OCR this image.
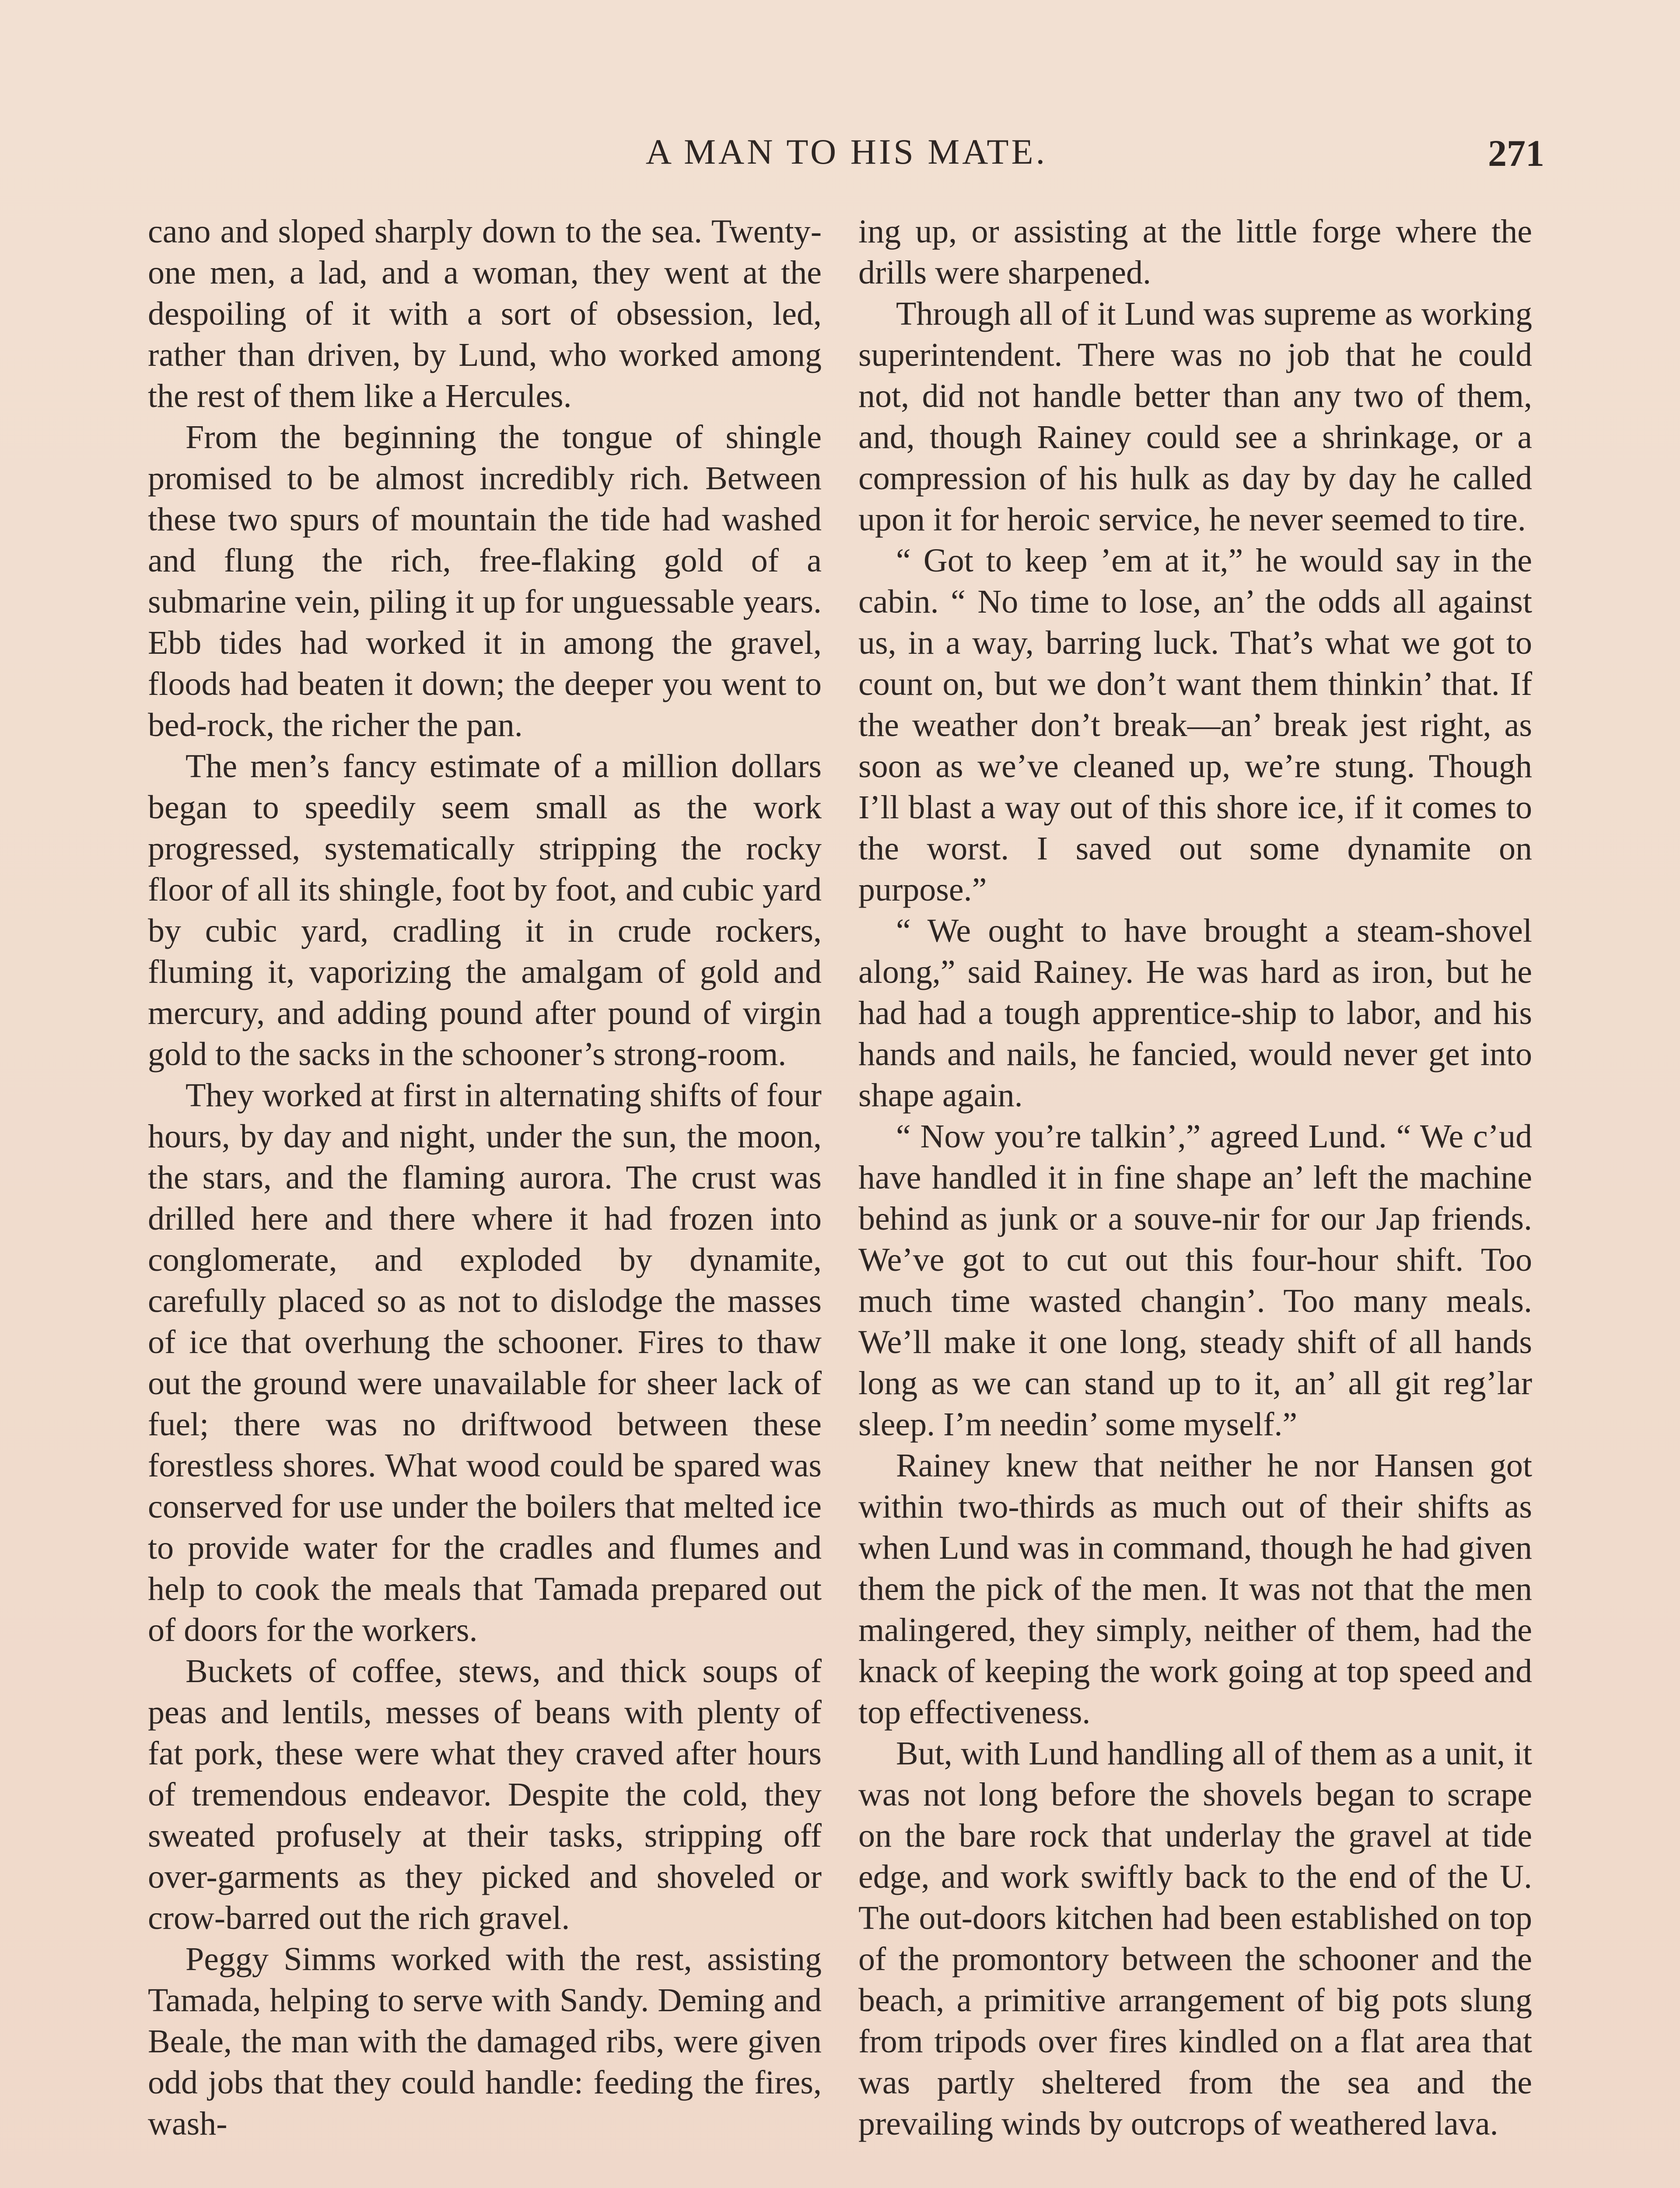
A MAN TO HIS MATE.	271

cano and sloped sharply down to the sea. Twenty-one men, a lad, and a woman, they went at the despoiling of it with a sort of obsession, led, rather than driven, by Lund, who worked among the rest of them like a Hercules.

From the beginning the tongue of shingle promised to be almost incredibly rich. Between these two spurs of mountain the tide had washed and flung the rich, free-flaking gold of a submarine vein, piling it up for unguessable years. Ebb tides had worked it in among the gravel, floods had beaten it down; the deeper you went to bed-rock, the richer the pan.

The men’s fancy estimate of a million dollars began to speedily seem small as the work progressed, systematically stripping the rocky floor of all its shingle, foot by foot, and cubic yard by cubic yard, cradling it in crude rockers, fluming it, vaporizing the amalgam of gold and mercury, and adding pound after pound of virgin gold to the sacks in the schooner’s strong-room.

They worked at first in alternating shifts of four hours, by day and night, under the sun, the moon, the stars, and the flaming aurora. The crust was drilled here and there where it had frozen into conglomerate, and exploded by dynamite, carefully placed so as not to dislodge the masses of ice that overhung the schooner. Fires to thaw out the ground were unavailable for sheer lack of fuel; there was no driftwood between these forestless shores. What wood could be spared was conserved for use under the boilers that melted ice to provide water for the cradles and flumes and help to cook the meals that Tamada prepared out of doors for the workers.

Buckets of coffee, stews, and thick soups of peas and lentils, messes of beans with plenty of fat pork, these were what they craved after hours of tremendous endeavor. Despite the cold, they sweated profusely at their tasks, stripping off over-garments as they picked and shoveled or crow-barred out the rich gravel.

Peggy Simms worked with the rest, assisting Tamada, helping to serve with Sandy. Deming and Beale, the man with the damaged ribs, were given odd jobs that they could handle: feeding the fires, wash-

ing up, or assisting at the little forge where the drills were sharpened.

Through all of it Lund was supreme as working superintendent. There was no job that he could not, did not handle better than any two of them, and, though Rainey could see a shrinkage, or a compression of his hulk as day by day he called upon it for heroic service, he never seemed to tire.

“ Got to keep ’em at it,” he would say in the cabin. “ No time to lose, an’ the odds all against us, in a way, barring luck. That’s what we got to count on, but we don’t want them thinkin’ that. If the weather don’t break—an’ break jest right, as soon as we’ve cleaned up, we’re stung. Though I’ll blast a way out of this shore ice, if it comes to the worst. I saved out some dynamite on purpose.”

“ We ought to have brought a steam-shovel along,” said Rainey. He was hard as iron, but he had had a tough apprentice-ship to labor, and his hands and nails, he fancied, would never get into shape again.

“ Now you’re talkin’,” agreed Lund. “ We c’ud have handled it in fine shape an’ left the machine behind as junk or a souve-nir for our Jap friends. We’ve got to cut out this four-hour shift. Too much time wasted changin’. Too many meals. We’ll make it one long, steady shift of all hands long as we can stand up to it, an’ all git reg’lar sleep. I’m needin’ some myself.”

Rainey knew that neither he nor Hansen got within two-thirds as much out of their shifts as when Lund was in command, though he had given them the pick of the men. It was not that the men malingered, they simply, neither of them, had the knack of keeping the work going at top speed and top effectiveness.

But, with Lund handling all of them as a unit, it was not long before the shovels began to scrape on the bare rock that underlay the gravel at tide edge, and work swiftly back to the end of the U. The out-doors kitchen had been established on top of the promontory between the schooner and the beach, a primitive arrangement of big pots slung from tripods over fires kindled on a flat area that was partly sheltered from the sea and the prevailing winds by outcrops of weathered lava.
